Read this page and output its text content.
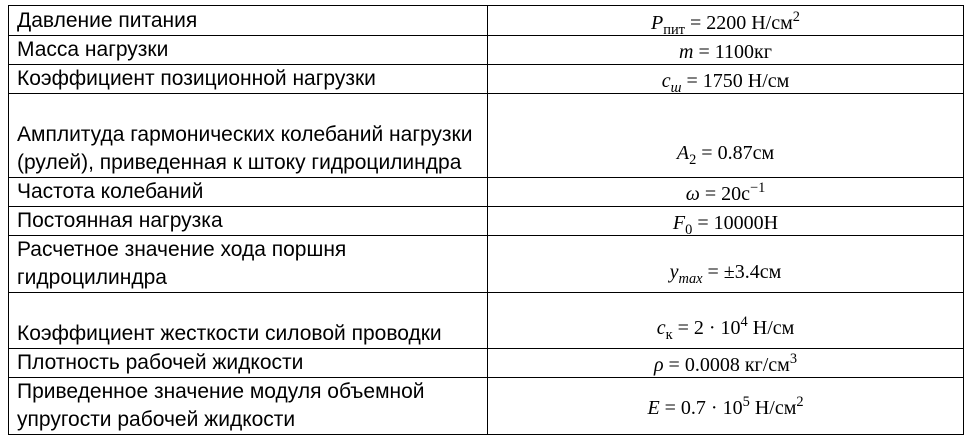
Давление питания	$P_{пит} = 2200$ $Н/см^2$
Масса нагрузки	m = 1100кг
Коэффициент позиционной нагрузки	$c_ш = 1750$ Н/см
Амплитуда гармонических колебаний нагрузки (рулей), приведенная к штоку гидроцилиндра	$A_2 = 0.87см$
Частота колебаний	$\omega = 20с^{-1}$
Постоянная нагрузка	$F_0 = 10000Н$
Расчетное значение хода поршня гидроцилиндра	$y_{max} = \pm 3.4см$
Коэффициент жесткости силовой проводки	$c_к = 2 \cdot 10^4$ Н/см
Плотность рабочей жидкости	ρ = 0.0008 $кг/см^3$
Приведенное значение модуля объемной упругости рабочей жидкости	$E = 0.7 \cdot 10^5$ $Н/см^2$
